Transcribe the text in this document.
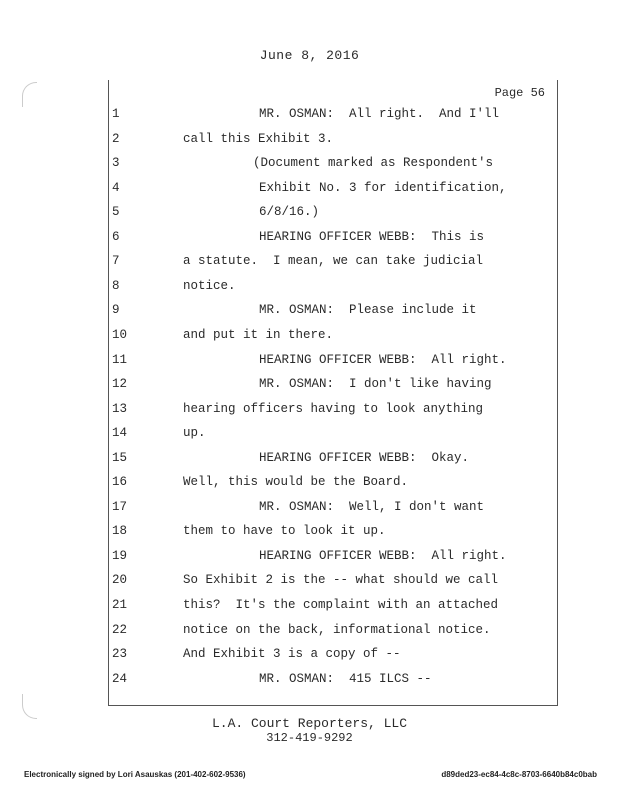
June 8, 2016
Page 56
1	MR. OSMAN:  All right.  And I'll
2	call this Exhibit 3.
3	(Document marked as Respondent's
4	Exhibit No. 3 for identification,
5	6/8/16.)
6	HEARING OFFICER WEBB:  This is
7	a statute.  I mean, we can take judicial
8	notice.
9	MR. OSMAN:  Please include it
10	and put it in there.
11	HEARING OFFICER WEBB:  All right.
12	MR. OSMAN:  I don't like having
13	hearing officers having to look anything
14	up.
15	HEARING OFFICER WEBB:  Okay.
16	Well, this would be the Board.
17	MR. OSMAN:  Well, I don't want
18	them to have to look it up.
19	HEARING OFFICER WEBB:  All right.
20	So Exhibit 2 is the -- what should we call
21	this?  It's the complaint with an attached
22	notice on the back, informational notice.
23	And Exhibit 3 is a copy of --
24	MR. OSMAN:  415 ILCS --
L.A. Court Reporters, LLC
312-419-9292
Electronically signed by Lori Asauskas (201-402-602-9536)	d89ded23-ec84-4c8c-8703-6640b84c0bab
